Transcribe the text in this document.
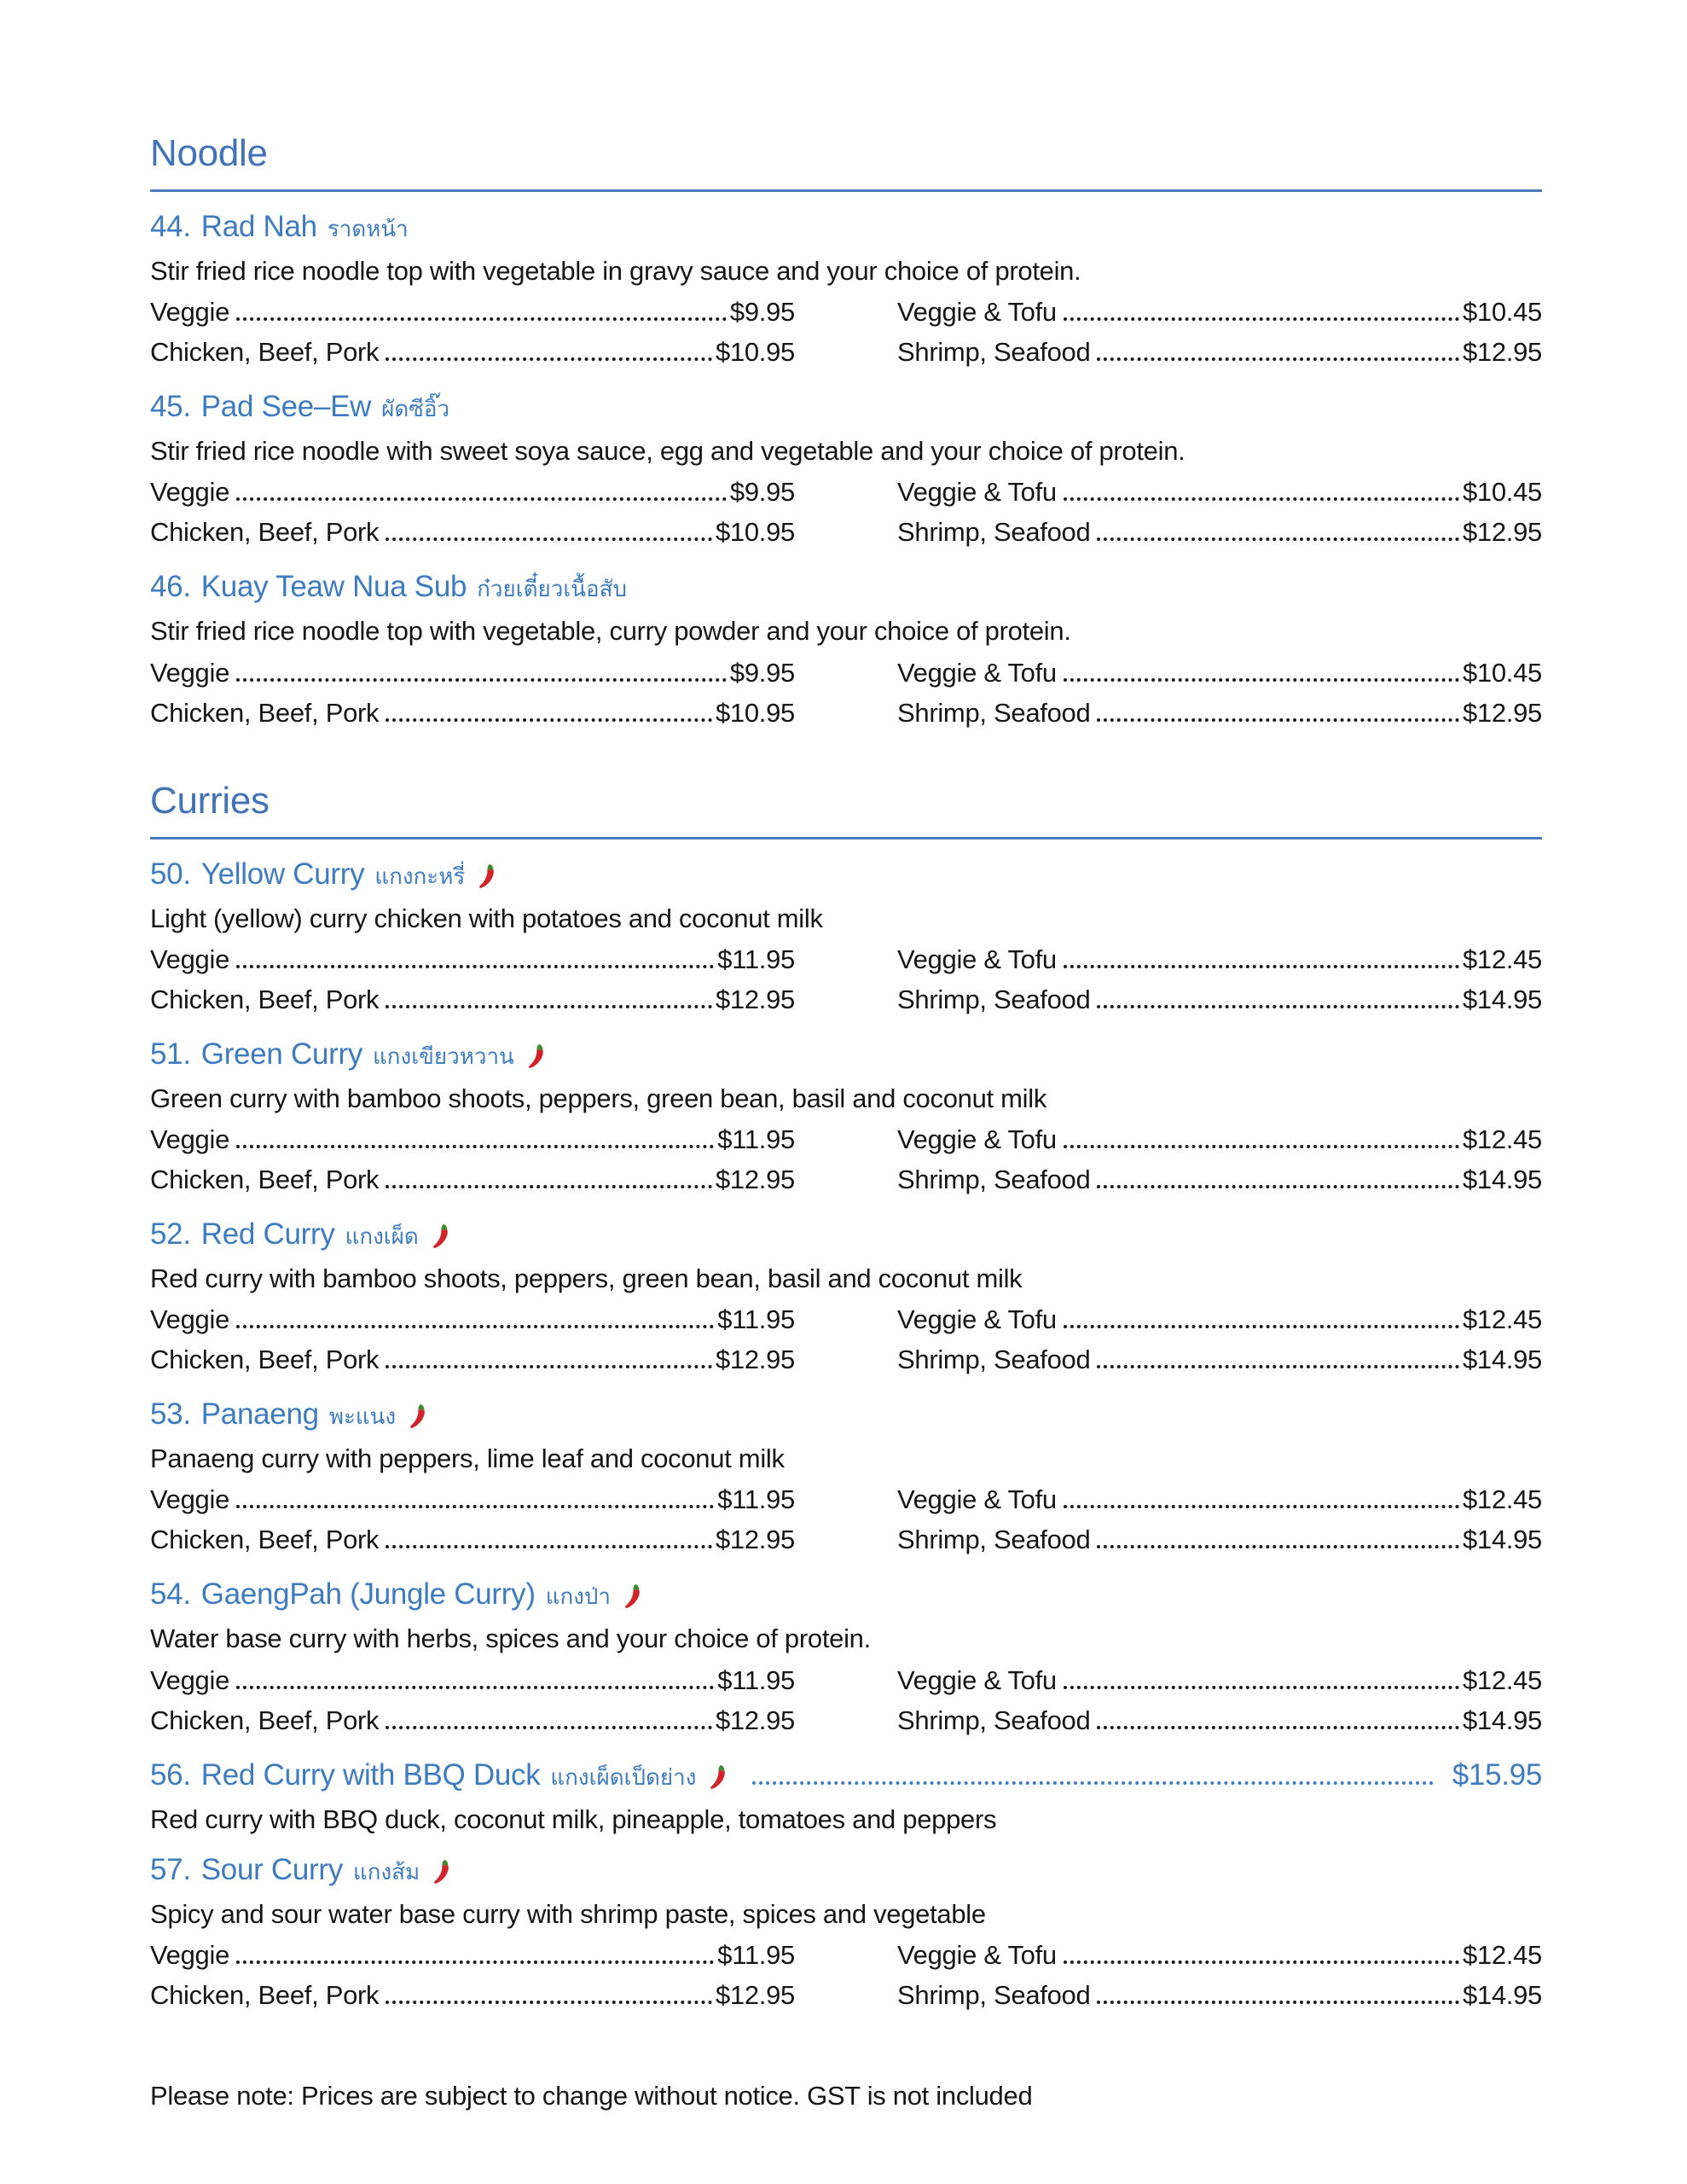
Noodle
44. Rad Nah ราดหน้า

Stir fried rice noodle top with vegetable in gravy sauce and your choice of protein.

Veggie	$9.95	Veggie & Tofu	$10.45
Chicken, Beef, Pork	$10.95	Shrimp, Seafood	$12.95
45. Pad See–Ew ผัดซีอิ๊ว

Stir fried rice noodle with sweet soya sauce, egg and vegetable and your choice of protein.

Veggie	$9.95	Veggie & Tofu	$10.45
Chicken, Beef, Pork	$10.95	Shrimp, Seafood	$12.95
46. Kuay Teaw Nua Sub ก๋วยเตี๋ยวเนื้อสับ

Stir fried rice noodle top with vegetable, curry powder and your choice of protein.

Veggie	$9.95	Veggie & Tofu	$10.45
Chicken, Beef, Pork	$10.95	Shrimp, Seafood	$12.95
Curries
50. Yellow Curry แกงกะหรี่

Light (yellow) curry chicken with potatoes and coconut milk

Veggie	$11.95	Veggie & Tofu	$12.45
Chicken, Beef, Pork	$12.95	Shrimp, Seafood	$14.95
51. Green Curry แกงเขียวหวาน

Green curry with bamboo shoots, peppers, green bean, basil and coconut milk

Veggie	$11.95	Veggie & Tofu	$12.45
Chicken, Beef, Pork	$12.95	Shrimp, Seafood	$14.95
52. Red Curry แกงเผ็ด

Red curry with bamboo shoots, peppers, green bean, basil and coconut milk

Veggie	$11.95	Veggie & Tofu	$12.45
Chicken, Beef, Pork	$12.95	Shrimp, Seafood	$14.95
53. Panaeng พะแนง

Panaeng curry with peppers, lime leaf and coconut milk

Veggie	$11.95	Veggie & Tofu	$12.45
Chicken, Beef, Pork	$12.95	Shrimp, Seafood	$14.95
54. GaengPah (Jungle Curry) แกงป่า

Water base curry with herbs, spices and your choice of protein.

Veggie	$11.95	Veggie & Tofu	$12.45
Chicken, Beef, Pork	$12.95	Shrimp, Seafood	$14.95
56. Red Curry with BBQ Duck แกงเผ็ดเป็ดย่าง	$15.95

Red curry with BBQ duck, coconut milk, pineapple, tomatoes and peppers

57. Sour Curry แกงส้ม

Spicy and sour water base curry with shrimp paste, spices and vegetable

Veggie	$11.95	Veggie & Tofu	$12.45
Chicken, Beef, Pork	$12.95	Shrimp, Seafood	$14.95

Please note: Prices are subject to change without notice. GST is not included
